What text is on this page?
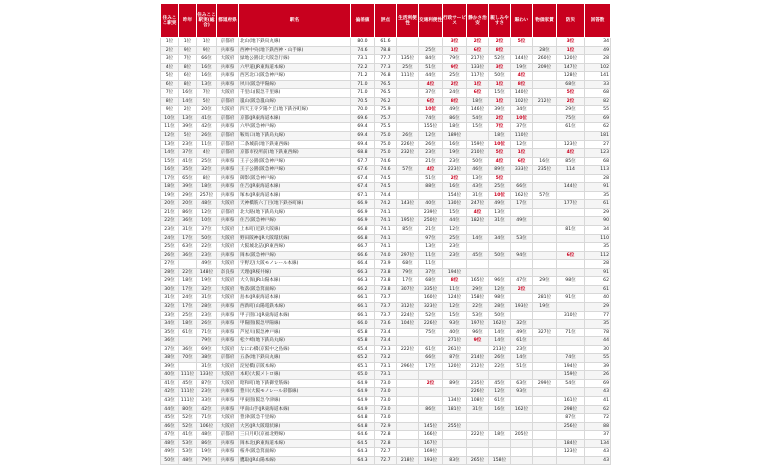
住みここ駅実	昨年	住みここ駅実(総合)	都道府県	駅名	偏差値	評点	生活利便性	交通利便性	行政サービス	静かさ治安	親しみやすさ	賑わい	物価家賃	防災	回答数
1位	1位	1位	京都府	北山(地下鉄烏丸線)	80.0	61.6			3位	2位	2位	5位		3位	34
2位	9位	9位	兵庫県	西神中央(地下鉄西神・山手線)	74.6	78.8		25位	1位	6位	8位		28位	1位	49
3位	7位	66位	大阪府	緑地公園(北大阪急行線)	73.1	77.7	135位	84位	79位	217位	52位	144位	260位	120位	28
4位	8位	16位	兵庫県	六甲道(JR東海道本線)	72.2	77.3	25位	51位	9位	133位	3位	19位	209位	147位	102
5位	6位	16位	兵庫県	西宮北口(阪急神戸線)	71.2	76.8	111位	44位	25位	117位	50位	4位		128位	141
6位	8位	13位	兵庫県	夙川(阪急甲陽線)	71.0	76.5		4位	2位	1位	1位	8位		68位	33
7位	16位	7位	大阪府	千里山(阪急千里線)	71.0	76.5		37位	24位	6位	15位	140位		5位	68
8位	14位	5位	京都府	嵐山(阪急嵐山線)	70.5	76.2		6位	8位	18位	1位	102位	212位	2位	82
9位	2位	20位	大阪府	四天王寺夕陽ケ丘(地下鉄谷町線)	70.0	75.9		10位	49位	146位	39位	34位		29位	55
10位	13位	41位	京都府	京都(JR東海道本線)	69.6	75.7		74位	86位	54位	2位	10位		75位	69
11位	39位	42位	兵庫県	六甲(阪急神戸線)	69.4	75.5		155位	18位	15位	7位	37位		61位	62
12位	5位	26位	京都府	鞍馬口(地下鉄烏丸線)	69.4	75.0	26位	12位	189位		18位	110位			181
13位	23位	11位	京都府	二条城前(地下鉄東西線)	69.4	75.0	226位	26位	16位	159位	10位	12位		123位	27
14位	37位	4位	京都府	京都市役所前(地下鉄東西線)	68.8	75.0	232位	23位	19位	210位	5位	1位		4位	123
15位	41位	25位	兵庫県	王子公園(阪急神戸線)	67.7	74.6		21位	23位	50位	4位	6位	16位	85位	68
16位	35位	32位	兵庫県	王子公園(阪急神戸線)	67.6	74.6	57位	4位	223位	46位	89位	333位	235位	114	113
17位	65位	8位	兵庫県	御影(阪急神戸線)	67.4	74.5		51位	2位	13位	5位				28
18位	39位	18位	兵庫県	住吉(JR東海道本線)	67.4	74.5		88位	16位	43位	25位	66位		144位	91
19位	29位	257位	兵庫県	塚本(JR東海道本線)	67.1	74.4			154位	31位	10位	162位	57位		35
20位	20位	48位	大阪府	天神橋筋六丁目(地下鉄谷町線)	66.9	74.2	143位	40位	130位	247位	49位	17位		177位	61
21位	86位	12位	京都府	北大路(地下鉄烏丸線)	66.9	74.1		239位	15位	4位	13位				29
22位	36位	10位	兵庫県	住吉(阪急神戸線)	66.9	74.1	195位	250位	44位	182位	31位	49位			90
23位	31位	37位	大阪府	上本町(近鉄大阪線)	66.8	74.1	85位	21位	12位					81位	34
24位	17位	50位	大阪府	野田阪神(JR大阪環状線)	66.8	74.1		97位	25位	14位	34位	53位			110
25位	63位	22位	大阪府	大阪城北詰(JR東西線)	66.7	74.1		13位	23位						35
26位	36位	23位	兵庫県	岡本(阪急神戸線)	66.6	74.0	297位	11位	23位	45位	50位	94位		6位	112
27位		49位	大阪府	宇野辺(大阪モノレール本線)	66.4	73.9	68位	11位							28
28位	22位	148位	奈良県	天理(JR桜井線)	66.3	73.8	79位	37位	194位						91
29位	18位	19位	大阪府	大久保(JR山陽本線)	66.3	73.8	17位	68位	8位	165位	96位	47位	29位	98位	62
30位	17位	32位	大阪府	牧落(阪急箕面線)	66.2	73.8	307位	335位	11位	29位	12位	2位			61
31位	24位	31位	大阪府	島本(JR東海道本線)	66.1	73.7		160位	124位	158位	98位		281位	91位	40
32位	17位	28位	兵庫県	西新町(山陽電鉄本線)	66.1	73.7	312位	323位	12位	22位	28位	193位	19位		29
33位	25位	23位	兵庫県	甲子園口(JR東海道本線)	66.1	73.7	224位	52位	15位	53位	50位			310位	77
34位	18位	26位	兵庫県	甲陽園(阪急甲陽線)	66.0	73.6	104位	226位	93位	197位	162位	32位			35
35位	61位	71位	兵庫県	芦屋川(阪急神戸線)	65.8	73.4		75位	40位	96位	14位	49位	327位	71位	78
36位		79位	兵庫県	松ケ崎(地下鉄烏丸線)	65.8	73.4			271位	9位	14位	61位			44
37位	36位	69位	大阪府	なにわ橋(京阪中之島線)	65.4	73.3	222位	61位	261位		213位	23位			30
38位	70位	38位	京都府	五条(地下鉄烏丸線)	65.2	73.2		66位	87位	214位	26位	14位		74位	55
39位		31位	大阪府	淀屋橋(京阪本線)	65.1	73.1	296位	17位	120位	212位	22位	51位		194位	39
40位	111位	133位	大阪府	本町(大阪メトロ線)	65.0	73.1								159位	26
41位	45位	87位	大阪府	昭和町(地下鉄御堂筋線)	64.9	73.0		2位	89位	235位	45位	63位	299位	54位	69
42位	111位	23位	兵庫県	豊川(大阪モノレール彩都線)	64.9	73.0				226位	12位	93位			43
43位	111位	33位	兵庫県	甲東園(阪急今津線)	64.9	73.0			134位	108位	61位			161位	41
44位	80位	42位	兵庫県	甲南山手(JR東海道本線)	64.9	73.0		86位	181位	31位	16位	162位		298位	62
45位	52位	71位	大阪府	豊津(阪急千里線)	64.8	73.0								87位	72
46位	52位	106位	大阪府	大宮(JR大阪環状線)	64.8	72.9		145位	255位					256位	88
47位	41位	48位	京都府	三日月町(京福北野線)	64.6	72.8		166位		222位	18位	205位			37
48位	53位	86位	兵庫県	岡本北(JR東海道本線)	64.5	72.8		167位						184位	134
49位	53位	19位	兵庫県	桜井(阪急箕面線)	64.3	72.7		169位						123位	43
50位	48位	79位	兵庫県	鷹取(JR山陽本線)	64.3	72.7	218位	193位	83位	265位	158位				43
